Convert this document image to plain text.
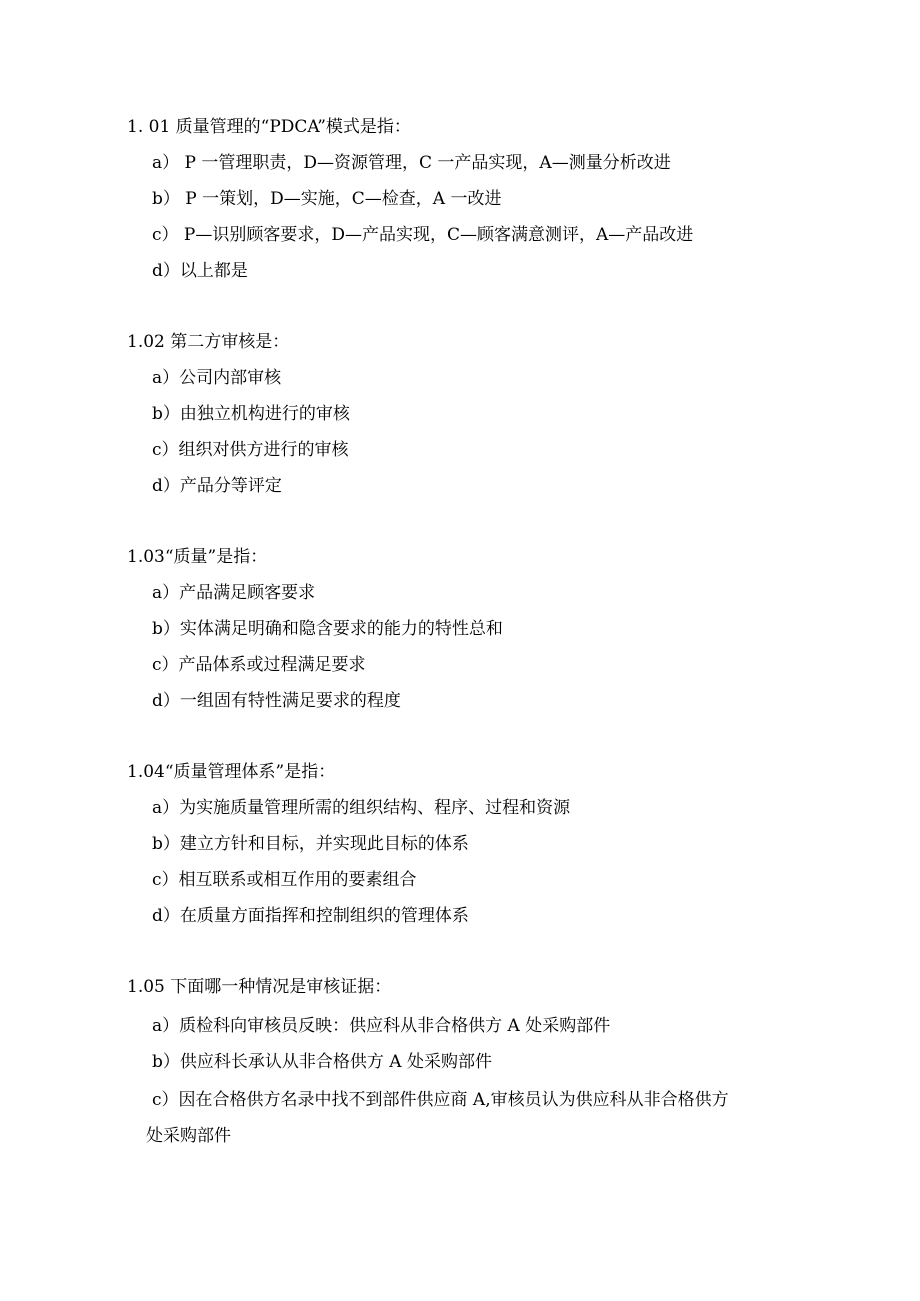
1. 01 质量管理的“PDCA”模式是指：
a） P 一管理职责，D—资源管理，C 一产品实现，A—测量分析改进
b） P 一策划，D—实施，C—检查，A 一改进
c） P—识别顾客要求，D—产品实现，C—顾客满意测评，A—产品改进
d）以上都是
1.02 第二方审核是：
a）公司内部审核
b）由独立机构进行的审核
c）组织对供方进行的审核
d）产品分等评定
1.03“质量”是指：
a）产品满足顾客要求
b）实体满足明确和隐含要求的能力的特性总和
c）产品体系或过程满足要求
d）一组固有特性满足要求的程度
1.04“质量管理体系”是指：
a）为实施质量管理所需的组织结构、程序、过程和资源
b）建立方针和目标，并实现此目标的体系
c）相互联系或相互作用的要素组合
d）在质量方面指挥和控制组织的管理体系
1.05 下面哪一种情况是审核证据：
a）质检科向审核员反映：供应科从非合格供方 A 处采购部件
b）供应科长承认从非合格供方 A 处采购部件
c）因在合格供方名录中找不到部件供应商 A,审核员认为供应科从非合格供方
处采购部件
